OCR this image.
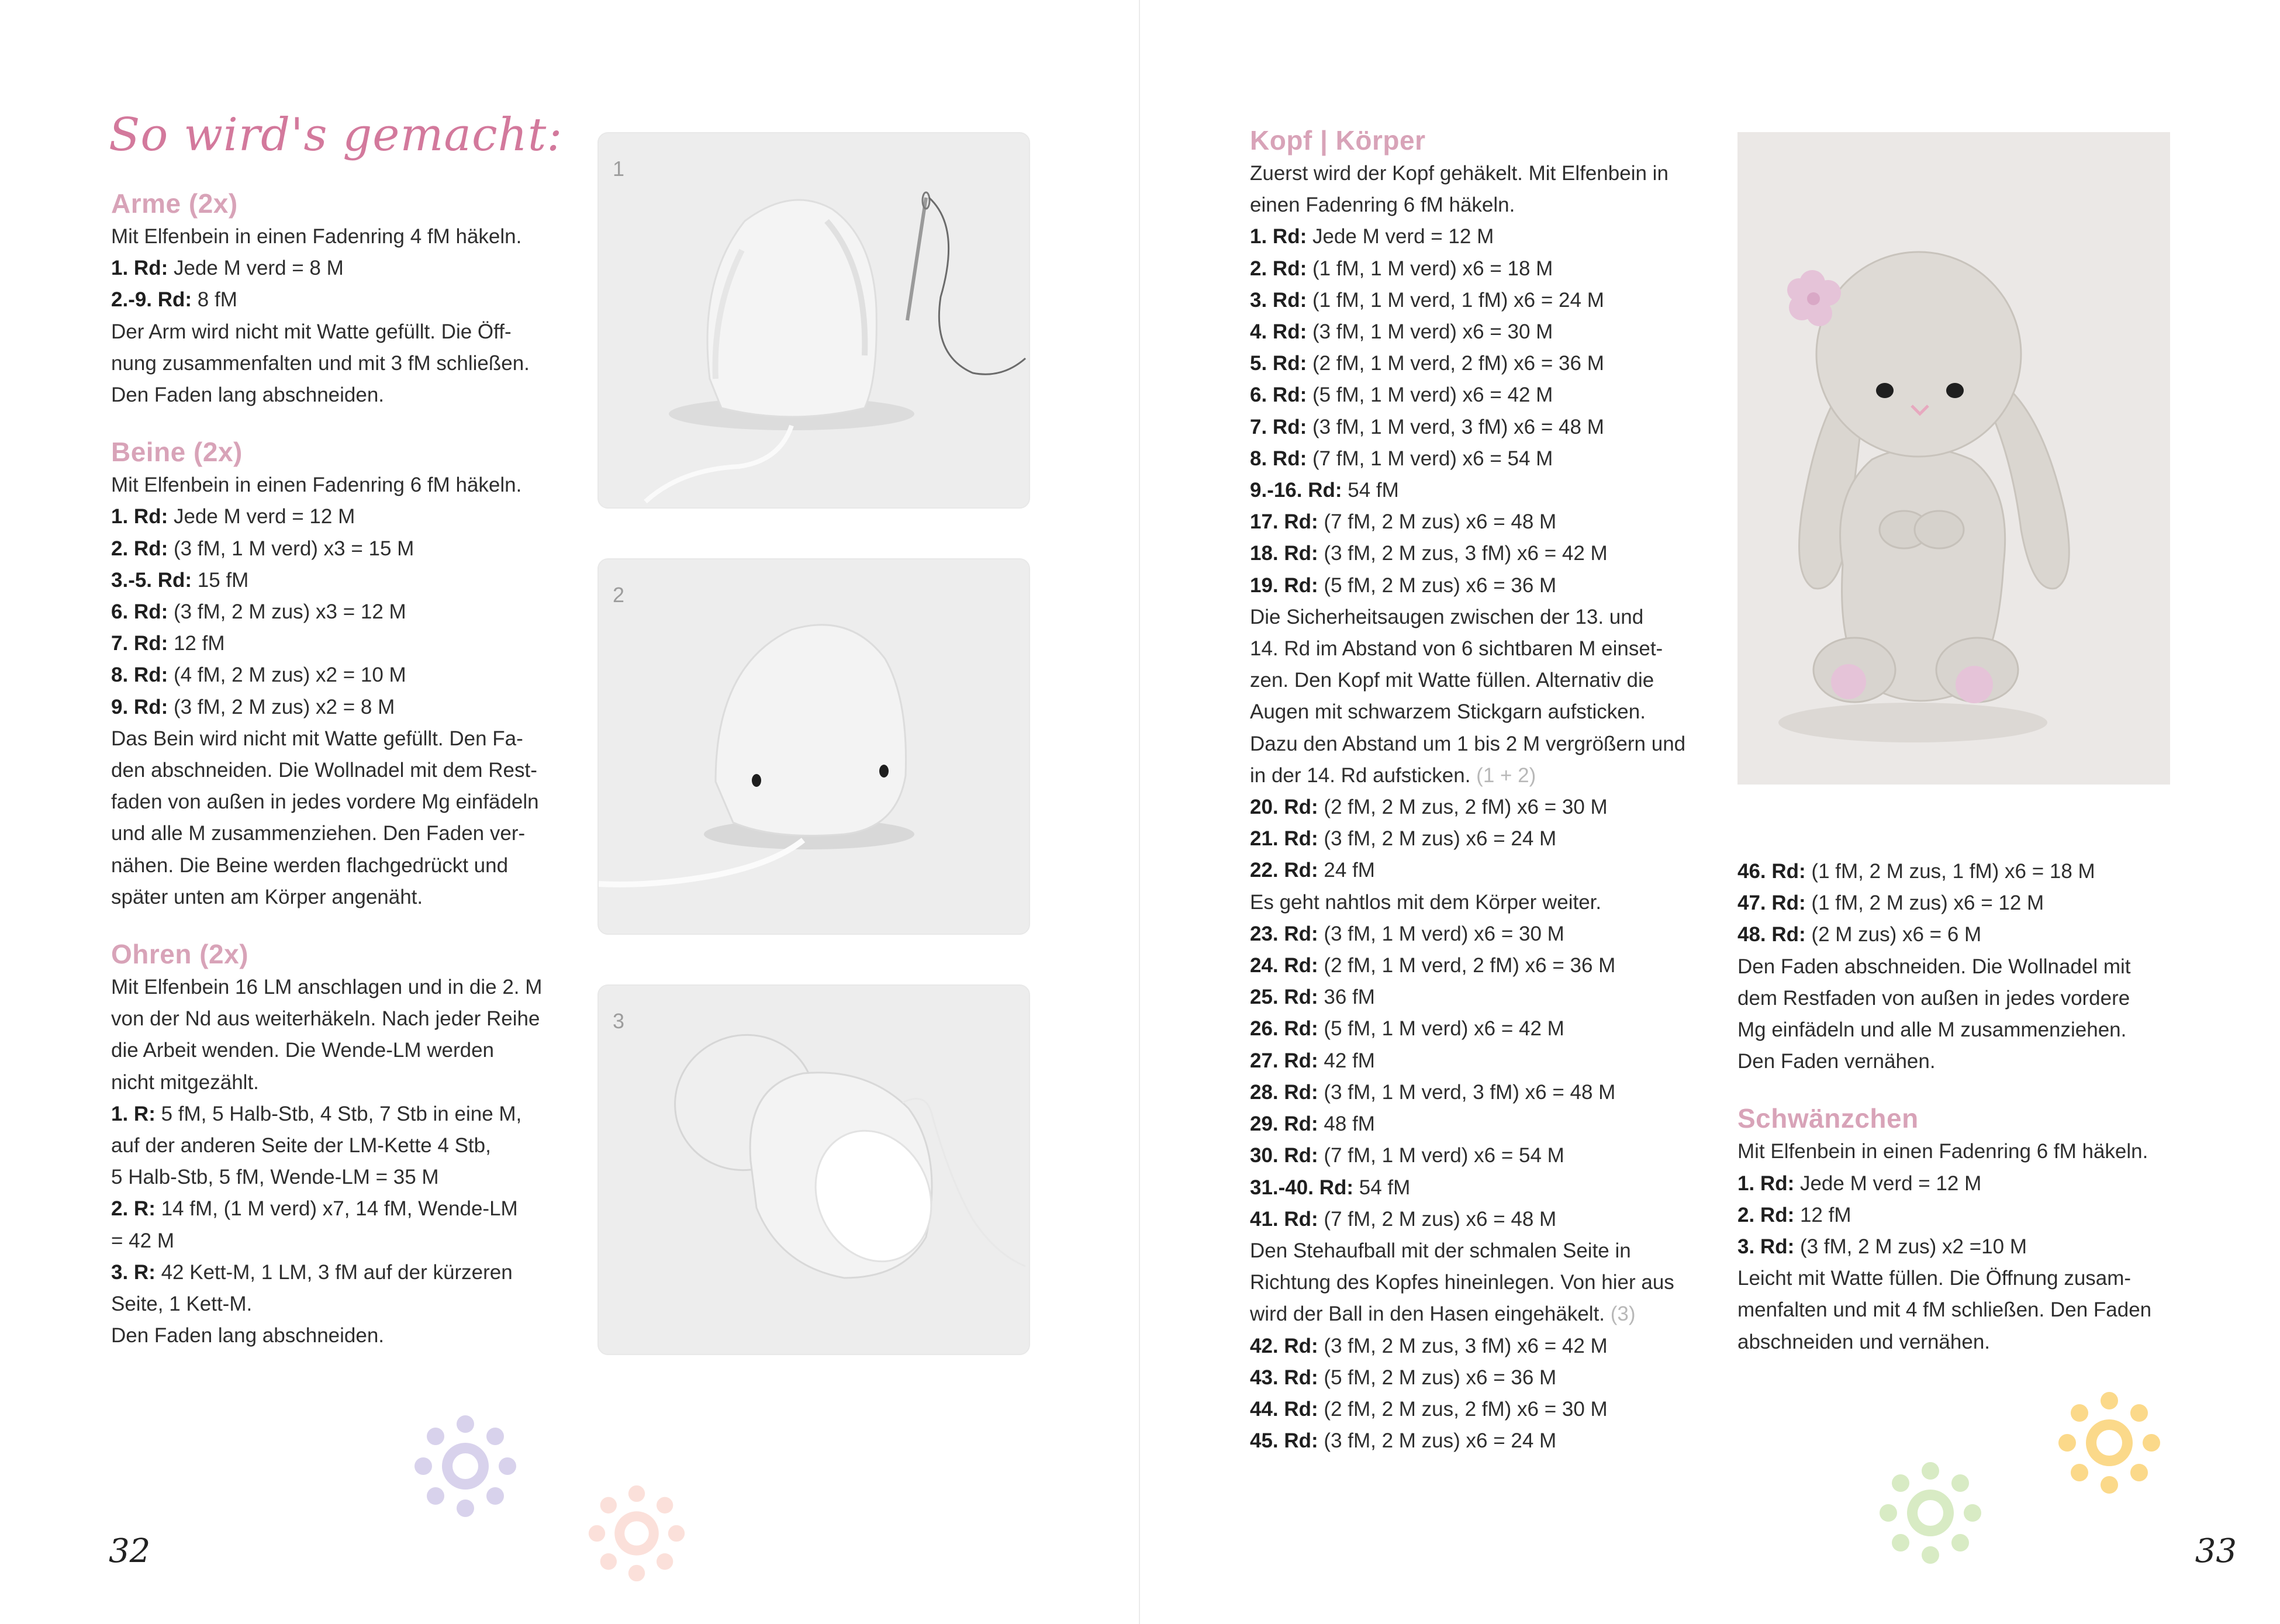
So wird's gemacht:
Arme (2x)

Mit Elfenbein in einen Fadenring 4 fM häkeln.

1. Rd: Jede M verd = 8 M

2.-9. Rd: 8 fM

Der Arm wird nicht mit Watte gefüllt. Die Öff-

nung zusammenfalten und mit 3 fM schließen.

Den Faden lang abschneiden.

Beine (2x)

Mit Elfenbein in einen Fadenring 6 fM häkeln.

1. Rd: Jede M verd = 12 M

2. Rd: (3 fM, 1 M verd) x3 = 15 M

3.-5. Rd: 15 fM

6. Rd: (3 fM, 2 M zus) x3 = 12 M

7. Rd: 12 fM

8. Rd: (4 fM, 2 M zus) x2 = 10 M

9. Rd: (3 fM, 2 M zus) x2 = 8 M

Das Bein wird nicht mit Watte gefüllt. Den Fa-

den abschneiden. Die Wollnadel mit dem Rest-

faden von außen in jedes vordere Mg einfädeln

und alle M zusammenziehen. Den Faden ver-

nähen. Die Beine werden flachgedrückt und

später unten am Körper angenäht.

Ohren (2x)

Mit Elfenbein 16 LM anschlagen und in die 2. M

von der Nd aus weiterhäkeln. Nach jeder Reihe

die Arbeit wenden. Die Wende-LM werden

nicht mitgezählt.

1. R: 5 fM, 5 Halb-Stb, 4 Stb, 7 Stb in eine M,

auf der anderen Seite der LM-Kette 4 Stb,

5 Halb-Stb, 5 fM, Wende-LM = 35 M

2. R: 14 fM, (1 M verd) x7, 14 fM, Wende-LM

= 42 M

3. R: 42 Kett-M, 1 LM, 3 fM auf der kürzeren

Seite, 1 Kett-M.

Den Faden lang abschneiden.

1
2
3
32
Kopf | Körper

Zuerst wird der Kopf gehäkelt. Mit Elfenbein in

einen Fadenring 6 fM häkeln.

1. Rd: Jede M verd = 12 M

2. Rd: (1 fM, 1 M verd) x6 = 18 M

3. Rd: (1 fM, 1 M verd, 1 fM) x6 = 24 M

4. Rd: (3 fM, 1 M verd) x6 = 30 M

5. Rd: (2 fM, 1 M verd, 2 fM) x6 = 36 M

6. Rd: (5 fM, 1 M verd) x6 = 42 M

7. Rd: (3 fM, 1 M verd, 3 fM) x6 = 48 M

8. Rd: (7 fM, 1 M verd) x6 = 54 M

9.-16. Rd: 54 fM

17. Rd: (7 fM, 2 M zus) x6 = 48 M

18. Rd: (3 fM, 2 M zus, 3 fM) x6 = 42 M

19. Rd: (5 fM, 2 M zus) x6 = 36 M

Die Sicherheitsaugen zwischen der 13. und

14. Rd im Abstand von 6 sichtbaren M einset-

zen. Den Kopf mit Watte füllen. Alternativ die

Augen mit schwarzem Stickgarn aufsticken.

Dazu den Abstand um 1 bis 2 M vergrößern und

in der 14. Rd aufsticken. (1 + 2)

20. Rd: (2 fM, 2 M zus, 2 fM) x6 = 30 M

21. Rd: (3 fM, 2 M zus) x6 = 24 M

22. Rd: 24 fM

Es geht nahtlos mit dem Körper weiter.

23. Rd: (3 fM, 1 M verd) x6 = 30 M

24. Rd: (2 fM, 1 M verd, 2 fM) x6 = 36 M

25. Rd: 36 fM

26. Rd: (5 fM, 1 M verd) x6 = 42 M

27. Rd: 42 fM

28. Rd: (3 fM, 1 M verd, 3 fM) x6 = 48 M

29. Rd: 48 fM

30. Rd: (7 fM, 1 M verd) x6 = 54 M

31.-40. Rd: 54 fM

41. Rd: (7 fM, 2 M zus) x6 = 48 M

Den Stehaufball mit der schmalen Seite in

Richtung des Kopfes hineinlegen. Von hier aus

wird der Ball in den Hasen eingehäkelt. (3)

42. Rd: (3 fM, 2 M zus, 3 fM) x6 = 42 M

43. Rd: (5 fM, 2 M zus) x6 = 36 M

44. Rd: (2 fM, 2 M zus, 2 fM) x6 = 30 M

45. Rd: (3 fM, 2 M zus) x6 = 24 M

46. Rd: (1 fM, 2 M zus, 1 fM) x6 = 18 M

47. Rd: (1 fM, 2 M zus) x6 = 12 M

48. Rd: (2 M zus) x6 = 6 M

Den Faden abschneiden. Die Wollnadel mit

dem Restfaden von außen in jedes vordere

Mg einfädeln und alle M zusammenziehen.

Den Faden vernähen.

Schwänzchen

Mit Elfenbein in einen Fadenring 6 fM häkeln.

1. Rd: Jede M verd = 12 M

2. Rd: 12 fM

3. Rd: (3 fM, 2 M zus) x2 =10 M

Leicht mit Watte füllen. Die Öffnung zusam-

menfalten und mit 4 fM schließen. Den Faden

abschneiden und vernähen.

33
